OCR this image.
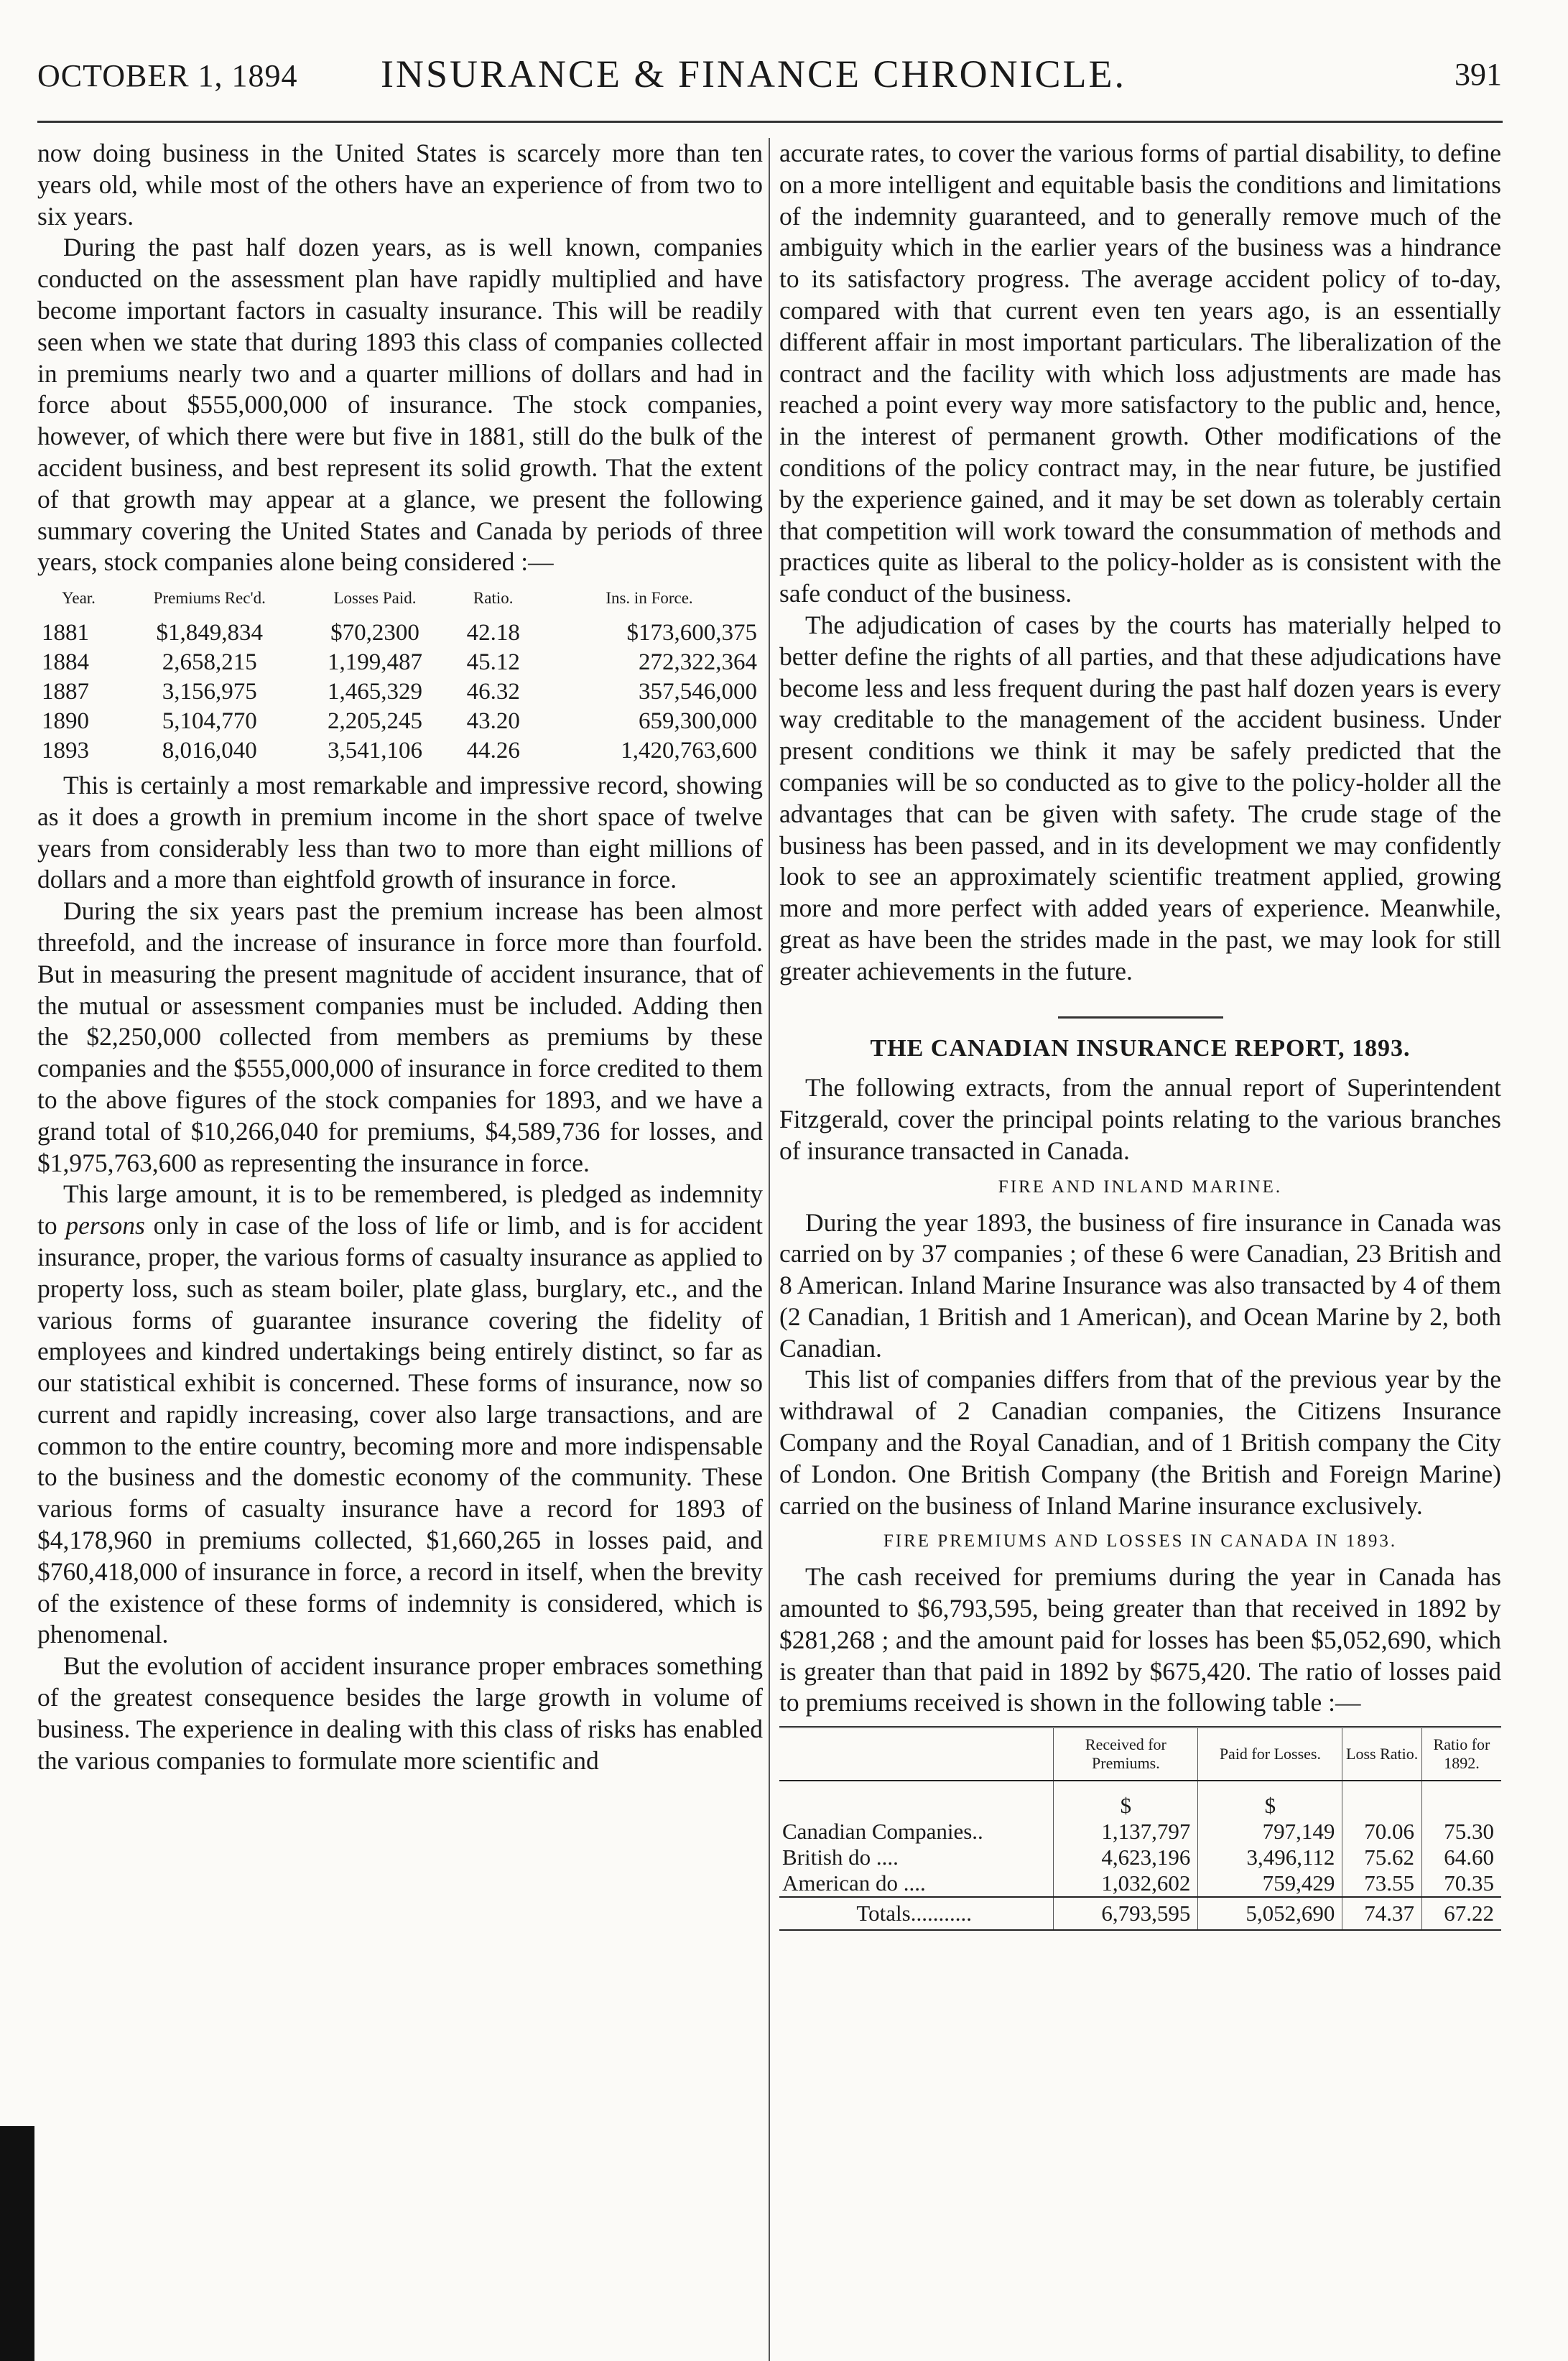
OCTOBER 1, 1894 INSURANCE & FINANCE CHRONICLE.	391

now doing business in the United States is scarcely more than ten years old, while most of the others have an experience of from two to six years.

During the past half dozen years, as is well known, companies conducted on the assessment plan have rapidly multiplied and have become important factors in casualty insurance. This will be readily seen when we state that during 1893 this class of companies collected in premiums nearly two and a quarter millions of dollars and had in force about $555,000,000 of insurance. The stock companies, however, of which there were but five in 1881, still do the bulk of the accident business, and best represent its solid growth. That the extent of that growth may appear at a glance, we present the following summary covering the United States and Canada by periods of three years, stock companies alone being considered :—

Year.	Premiums Rec'd.	Losses Paid.	Ratio.	Ins. in Force.
1881	$1,849,834	$70,2300	42.18	$173,600,375
1884	2,658,215	1,199,487	45.12	272,322,364
1887	3,156,975	1,465,329	46.32	357,546,000
1890	5,104,770	2,205,245	43.20	659,300,000
1893	8,016,040	3,541,106	44.26	1,420,763,600

This is certainly a most remarkable and impressive record, showing as it does a growth in premium income in the short space of twelve years from considerably less than two to more than eight millions of dollars and a more than eightfold growth of insurance in force.

During the six years past the premium increase has been almost threefold, and the increase of insurance in force more than fourfold. But in measuring the present magnitude of accident insurance, that of the mutual or assessment companies must be included. Adding then the $2,250,000 collected from members as premiums by these companies and the $555,000,000 of insurance in force credited to them to the above figures of the stock companies for 1893, and we have a grand total of $10,266,040 for premiums, $4,589,736 for losses, and $1,975,763,600 as representing the insurance in force.

This large amount, it is to be remembered, is pledged as indemnity to persons only in case of the loss of life or limb, and is for accident insurance, proper, the various forms of casualty insurance as applied to property loss, such as steam boiler, plate glass, burglary, etc., and the various forms of guarantee insurance covering the fidelity of employees and kindred undertakings being entirely distinct, so far as our statistical exhibit is concerned. These forms of insurance, now so current and rapidly increasing, cover also large transactions, and are common to the entire country, becoming more and more indispensable to the business and the domestic economy of the community. These various forms of casualty insurance have a record for 1893 of $4,178,960 in premiums collected, $1,660,265 in losses paid, and $760,418,000 of insurance in force, a record in itself, when the brevity of the existence of these forms of indemnity is considered, which is phenomenal.

But the evolution of accident insurance proper embraces something of the greatest consequence besides the large growth in volume of business. The experience in dealing with this class of risks has enabled the various companies to formulate more scientific and

accurate rates, to cover the various forms of partial disability, to define on a more intelligent and equitable basis the conditions and limitations of the indemnity guaranteed, and to generally remove much of the ambiguity which in the earlier years of the business was a hindrance to its satisfactory progress. The average accident policy of to-day, compared with that current even ten years ago, is an essentially different affair in most important particulars. The liberalization of the contract and the facility with which loss adjustments are made has reached a point every way more satisfactory to the public and, hence, in the interest of permanent growth. Other modifications of the conditions of the policy contract may, in the near future, be justified by the experience gained, and it may be set down as tolerably certain that competition will work toward the consummation of methods and practices quite as liberal to the policy-holder as is consistent with the safe conduct of the business.

The adjudication of cases by the courts has materially helped to better define the rights of all parties, and that these adjudications have become less and less frequent during the past half dozen years is every way creditable to the management of the accident business. Under present conditions we think it may be safely predicted that the companies will be so conducted as to give to the policy-holder all the advantages that can be given with safety. The crude stage of the business has been passed, and in its development we may confidently look to see an approximately scientific treatment applied, growing more and more perfect with added years of experience. Meanwhile, great as have been the strides made in the past, we may look for still greater achievements in the future.

THE CANADIAN INSURANCE REPORT, 1893.

The following extracts, from the annual report of Superintendent Fitzgerald, cover the principal points relating to the various branches of insurance transacted in Canada.

FIRE AND INLAND MARINE.

During the year 1893, the business of fire insurance in Canada was carried on by 37 companies ; of these 6 were Canadian, 23 British and 8 American. Inland Marine Insurance was also transacted by 4 of them (2 Canadian, 1 British and 1 American), and Ocean Marine by 2, both Canadian.

This list of companies differs from that of the previous year by the withdrawal of 2 Canadian companies, the Citizens Insurance Company and the Royal Canadian, and of 1 British company the City of London. One British Company (the British and Foreign Marine) carried on the business of Inland Marine insurance exclusively.

FIRE PREMIUMS AND LOSSES IN CANADA IN 1893.

The cash received for premiums during the year in Canada has amounted to $6,793,595, being greater than that received in 1892 by $281,268 ; and the amount paid for losses has been $5,052,690, which is greater than that paid in 1892 by $675,420. The ratio of losses paid to premiums received is shown in the following table :—

	Received for Premiums.	Paid for Losses.	Loss Ratio.	Ratio for 1892.
	$	$		
Canadian Companies..	1,137,797	797,149	70.06	75.30
British do ....	4,623,196	3,496,112	75.62	64.60
American do ....	1,032,602	759,429	73.55	70.35
Totals...........	6,793,595	5,052,690	74.37	67.22
